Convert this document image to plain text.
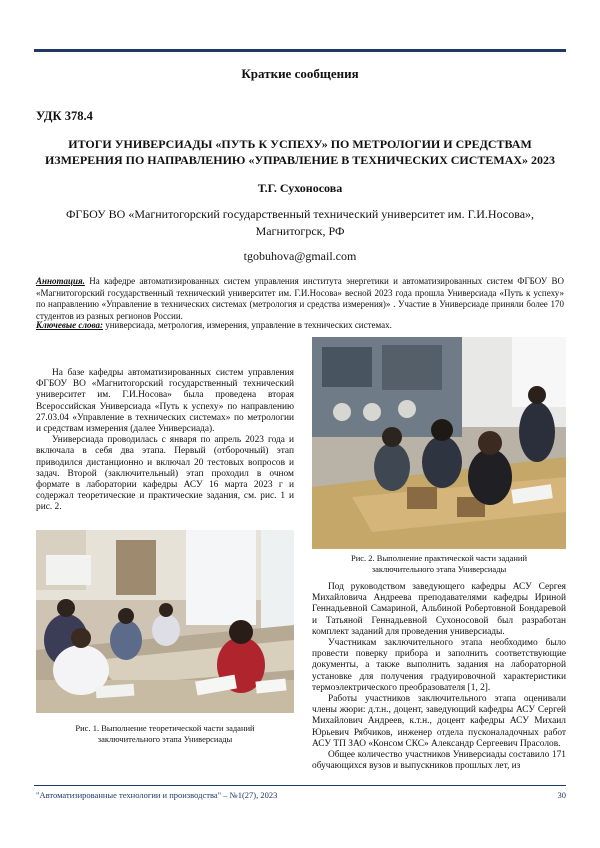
Краткие сообщения
УДК 378.4
ИТОГИ УНИВЕРСИАДЫ «ПУТЬ К УСПЕХУ» ПО МЕТРОЛОГИИ И СРЕДСТВАМ
ИЗМЕРЕНИЯ ПО НАПРАВЛЕНИЮ «УПРАВЛЕНИЕ В ТЕХНИЧЕСКИХ СИСТЕМАХ» 2023
Т.Г. Сухоносова
ФГБОУ ВО «Магнитогорский государственный технический университет им. Г.И.Носова»,
Магнитогрск, РФ
tgobuhova@gmail.com
Аннотация. На кафедре автоматизированных систем управления института энергетики и автоматизированных систем ФГБОУ ВО «Магнитогорский государственный технический университет им. Г.И.Носова» весной 2023 года прошла Универсиада «Путь к успеху» по направлению «Управление в технических системах (метрология и средства измерения)» . Участие в Универсиаде приняли более 170 студентов из разных регионов России.
Ключевые слова: универсиада, метрология, измерения, управление в технических системах.

На базе кафедры автоматизированных систем управления ФГБОУ ВО «Магнитогорский государственный технический университет им. Г.И.Носова» была проведена вторая Всероссийская Универсиада «Путь к успеху» по направлению 27.03.04 «Управление в технических системах» по метрологии и средствам измерения (далее Универсиада).

Универсиада проводилась с января по апрель 2023 года и включала в себя два этапа. Первый (отборочный) этап приводился дистанционно и включал 20 тестовых вопросов и задач. Второй (заключительный) этап проходил в очном формате в лаборатории кафедры АСУ 16 марта 2023 г и содержал теоретические и практические задания, см. рис. 1 и рис. 2.

Рис. 1. Выполнение теоретической части заданий
заключительного этапа Универсиады
Рис. 2. Выполнение практической части заданий
заключительного этапа Универсиады

Под руководством заведующего кафедры АСУ Сергея Михайловича Андреева преподавателями кафедры Ириной Геннадьевной Самариной, Альбиной Робертовной Бондаревой и Татьяной Геннадьевной Сухоносовой был разработан комплект заданий для проведения универсиады.

Участникам заключительного этапа необходимо было провести поверку прибора и заполнить соответствующие документы, а также выполнить задания на лабораторной установке для получения градуировочной характеристики термоэлектрического преобразователя [1, 2].

Работы участников заключительного этапа оценивали члены жюри: д.т.н., доцент, заведующий кафедры АСУ Сергей Михайлович Андреев, к.т.н., доцент кафедры АСУ Михаил Юрьевич Рябчиков, инженер отдела пусконаладочных работ АСУ ТП ЗАО «Консом СКС» Александр Сергеевич Прасолов.

Общее количество участников Универсиады составило 171 обучающихся вузов и выпускников прошлых лет, из

"Автоматизированные технологии и производства" – №1(27), 2023	30
